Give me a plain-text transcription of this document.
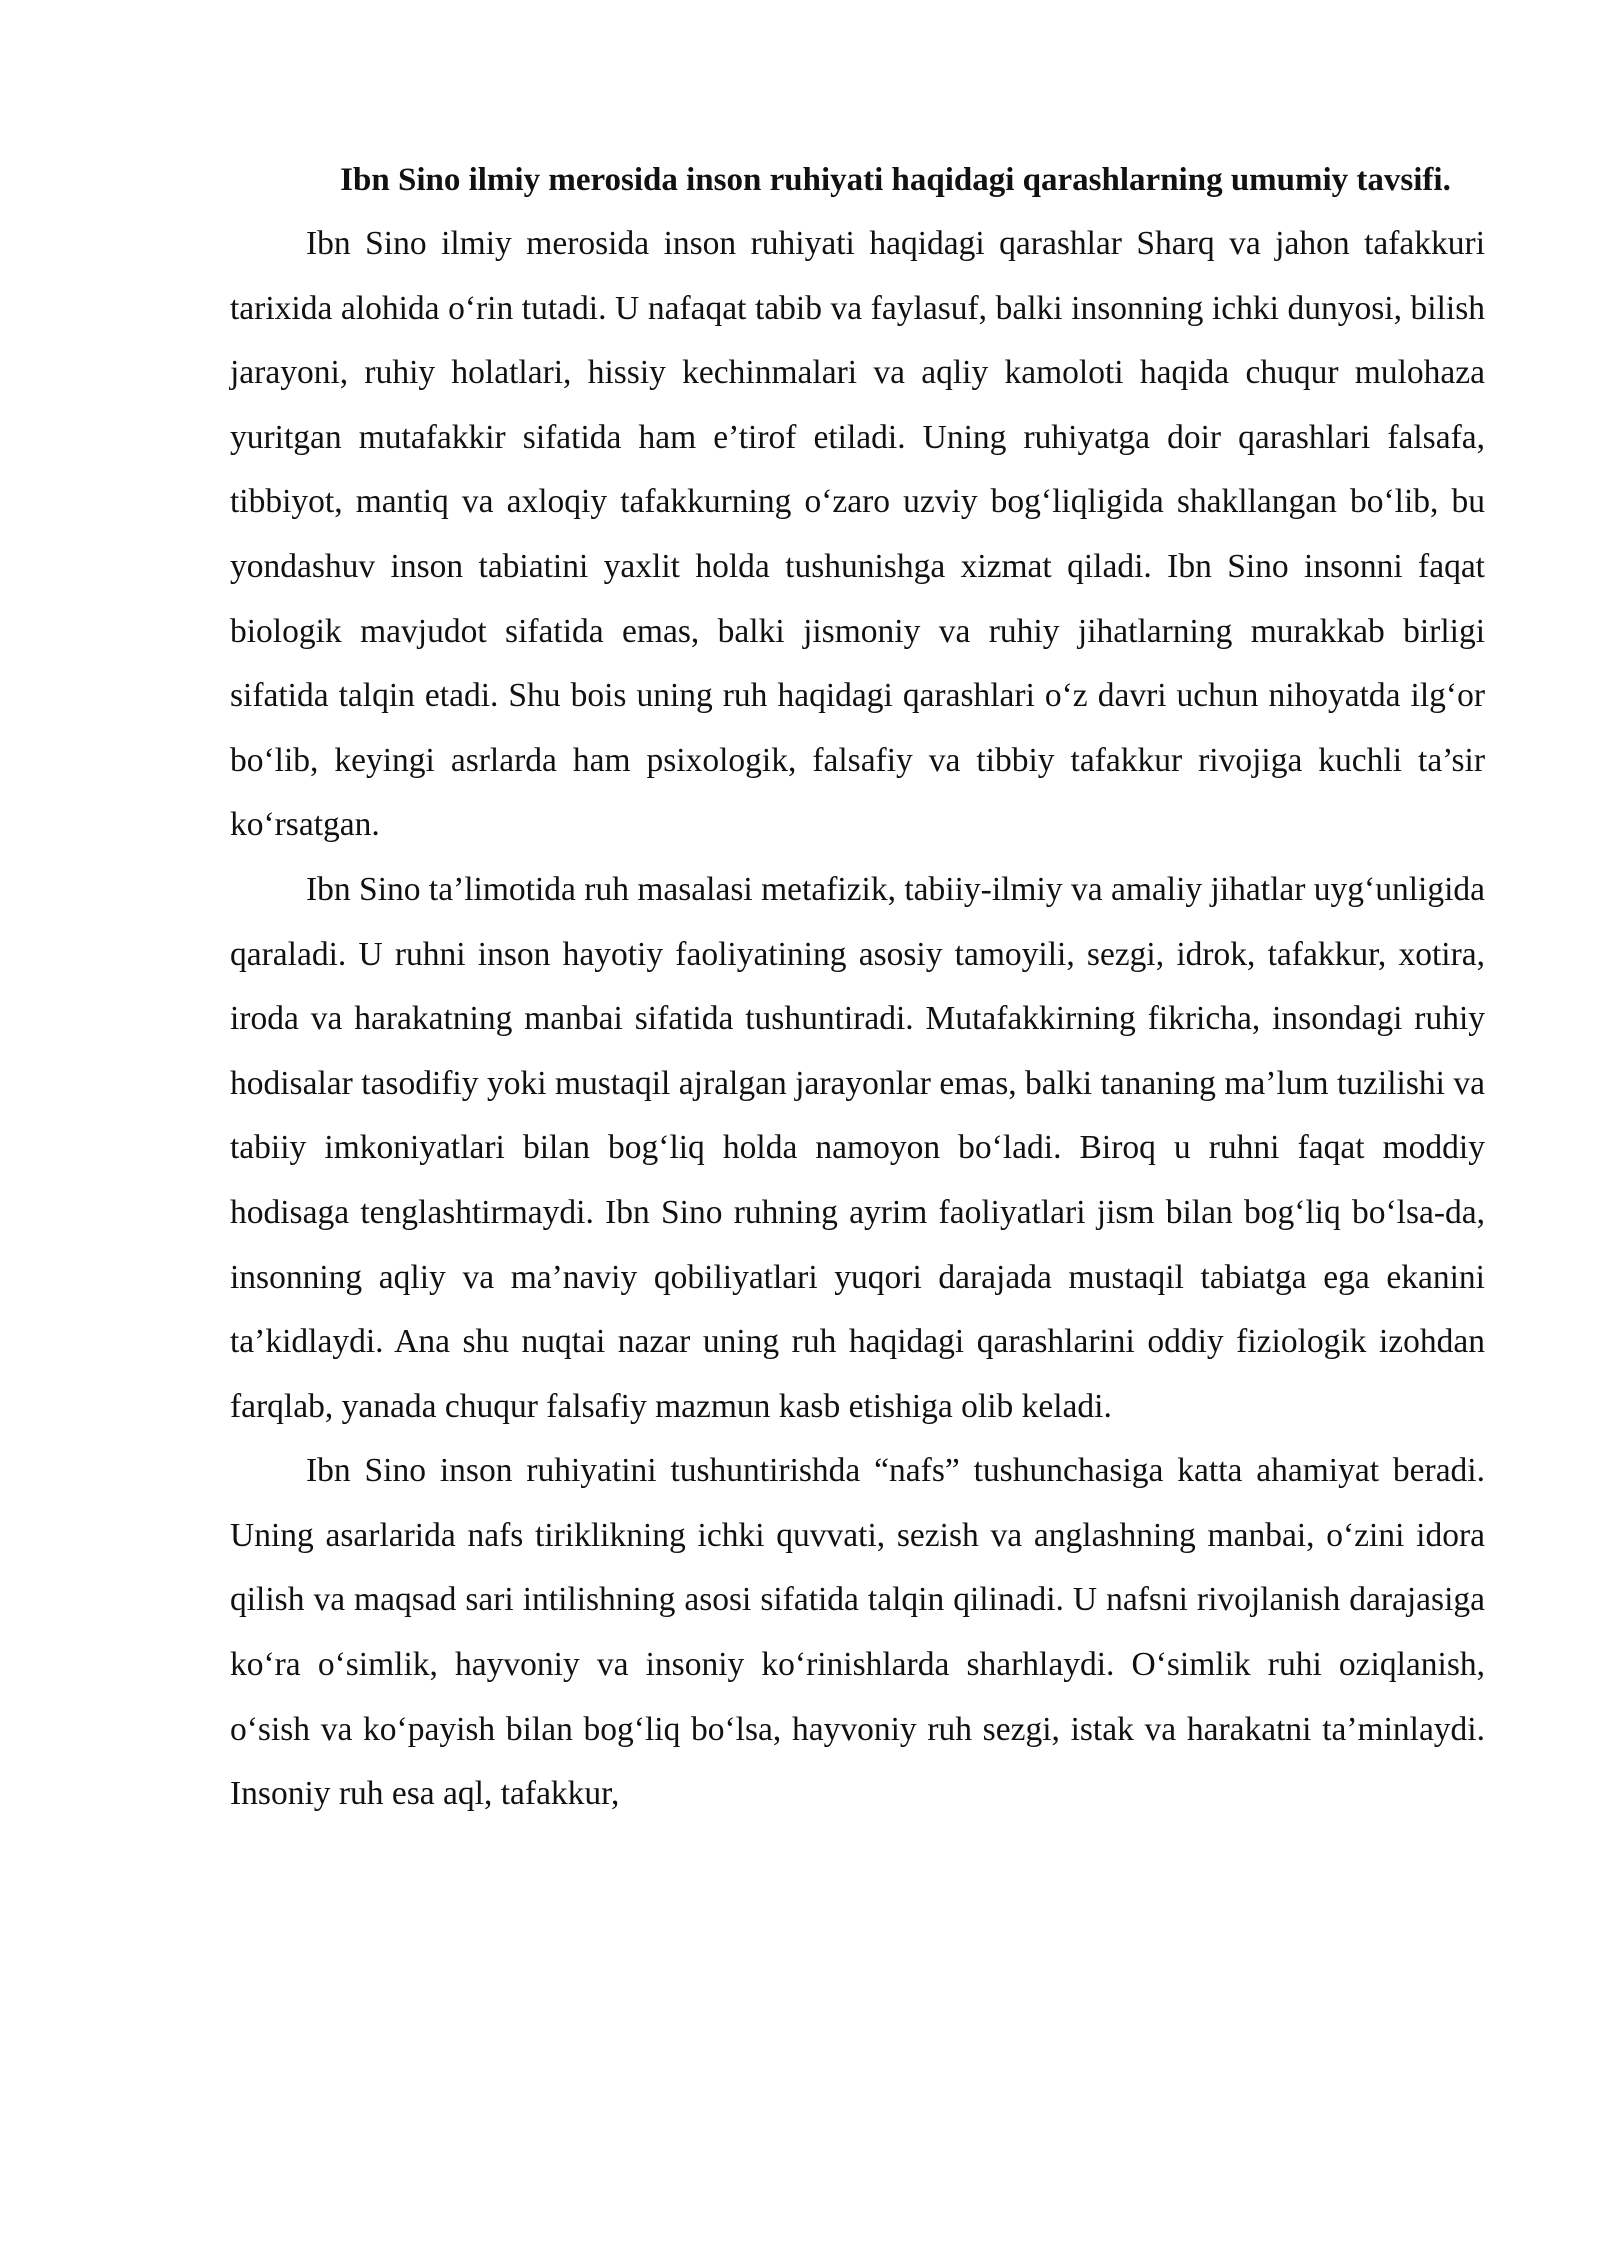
Ibn Sino ilmiy merosida inson ruhiyati haqidagi qarashlarning umumiy tavsifi.

Ibn Sino ilmiy merosida inson ruhiyati haqidagi qarashlar Sharq va jahon tafakkuri tarixida alohida o‘rin tutadi. U nafaqat tabib va faylasuf, balki insonning ichki dunyosi, bilish jarayoni, ruhiy holatlari, hissiy kechinmalari va aqliy kamoloti haqida chuqur mulohaza yuritgan mutafakkir sifatida ham e’tirof etiladi. Uning ruhiyatga doir qarashlari falsafa, tibbiyot, mantiq va axloqiy tafakkurning o‘zaro uzviy bog‘liqligida shakllangan bo‘lib, bu yondashuv inson tabiatini yaxlit holda tushunishga xizmat qiladi. Ibn Sino insonni faqat biologik mavjudot sifatida emas, balki jismoniy va ruhiy jihatlarning murakkab birligi sifatida talqin etadi. Shu bois uning ruh haqidagi qarashlari o‘z davri uchun nihoyatda ilg‘or bo‘lib, keyingi asrlarda ham psixologik, falsafiy va tibbiy tafakkur rivojiga kuchli ta’sir ko‘rsatgan.

Ibn Sino ta’limotida ruh masalasi metafizik, tabiiy-ilmiy va amaliy jihatlar uyg‘unligida qaraladi. U ruhni inson hayotiy faoliyatining asosiy tamoyili, sezgi, idrok, tafakkur, xotira, iroda va harakatning manbai sifatida tushuntiradi. Mutafakkirning fikricha, insondagi ruhiy hodisalar tasodifiy yoki mustaqil ajralgan jarayonlar emas, balki tananing ma’lum tuzilishi va tabiiy imkoniyatlari bilan bog‘liq holda namoyon bo‘ladi. Biroq u ruhni faqat moddiy hodisaga tenglashtirmaydi. Ibn Sino ruhning ayrim faoliyatlari jism bilan bog‘liq bo‘lsa-da, insonning aqliy va ma’naviy qobiliyatlari yuqori darajada mustaqil tabiatga ega ekanini ta’kidlaydi. Ana shu nuqtai nazar uning ruh haqidagi qarashlarini oddiy fiziologik izohdan farqlab, yanada chuqur falsafiy mazmun kasb etishiga olib keladi.

Ibn Sino inson ruhiyatini tushuntirishda “nafs” tushunchasiga katta ahamiyat beradi. Uning asarlarida nafs tiriklikning ichki quvvati, sezish va anglashning manbai, o‘zini idora qilish va maqsad sari intilishning asosi sifatida talqin qilinadi. U nafsni rivojlanish darajasiga ko‘ra o‘simlik, hayvoniy va insoniy ko‘rinishlarda sharhlaydi. O‘simlik ruhi oziqlanish, o‘sish va ko‘payish bilan bog‘liq bo‘lsa, hayvoniy ruh sezgi, istak va harakatni ta’minlaydi. Insoniy ruh esa aql, tafakkur,
